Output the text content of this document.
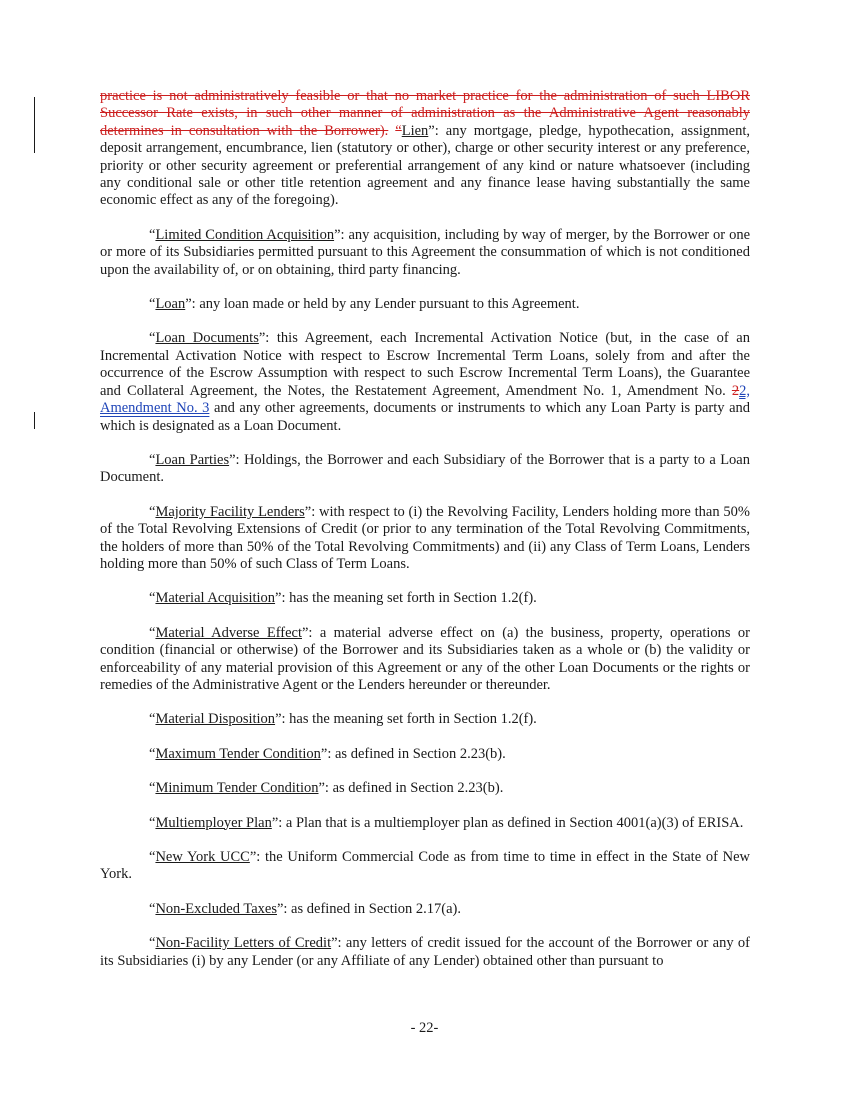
practice is not administratively feasible or that no market practice for the administration of such LIBOR Successor Rate exists, in such other manner of administration as the Administrative Agent reasonably determines in consultation with the Borrower). “Lien”: any mortgage, pledge, hypothecation, assignment, deposit arrangement, encumbrance, lien (statutory or other), charge or other security interest or any preference, priority or other security agreement or preferential arrangement of any kind or nature whatsoever (including any conditional sale or other title retention agreement and any finance lease having substantially the same economic effect as any of the foregoing).

“Limited Condition Acquisition”: any acquisition, including by way of merger, by the Borrower or one or more of its Subsidiaries permitted pursuant to this Agreement the consummation of which is not conditioned upon the availability of, or on obtaining, third party financing.

“Loan”: any loan made or held by any Lender pursuant to this Agreement.

“Loan Documents”: this Agreement, each Incremental Activation Notice (but, in the case of an Incremental Activation Notice with respect to Escrow Incremental Term Loans, solely from and after the occurrence of the Escrow Assumption with respect to such Escrow Incremental Term Loans), the Guarantee and Collateral Agreement, the Notes, the Restatement Agreement, Amendment No. 1, Amendment No. 22, Amendment No. 3 and any other agreements, documents or instruments to which any Loan Party is party and which is designated as a Loan Document.

“Loan Parties”: Holdings, the Borrower and each Subsidiary of the Borrower that is a party to a Loan Document.

“Majority Facility Lenders”: with respect to (i) the Revolving Facility, Lenders holding more than 50% of the Total Revolving Extensions of Credit (or prior to any termination of the Total Revolving Commitments, the holders of more than 50% of the Total Revolving Commitments) and (ii) any Class of Term Loans, Lenders holding more than 50% of such Class of Term Loans.

“Material Acquisition”: has the meaning set forth in Section 1.2(f).

“Material Adverse Effect”: a material adverse effect on (a) the business, property, operations or condition (financial or otherwise) of the Borrower and its Subsidiaries taken as a whole or (b) the validity or enforceability of any material provision of this Agreement or any of the other Loan Documents or the rights or remedies of the Administrative Agent or the Lenders hereunder or thereunder.

“Material Disposition”: has the meaning set forth in Section 1.2(f).

“Maximum Tender Condition”: as defined in Section 2.23(b).

“Minimum Tender Condition”: as defined in Section 2.23(b).

“Multiemployer Plan”: a Plan that is a multiemployer plan as defined in Section 4001(a)(3) of ERISA.

“New York UCC”: the Uniform Commercial Code as from time to time in effect in the State of New York.

“Non-Excluded Taxes”: as defined in Section 2.17(a).

“Non-Facility Letters of Credit”: any letters of credit issued for the account of the Borrower or any of its Subsidiaries (i) by any Lender (or any Affiliate of any Lender) obtained other than pursuant to

- 22-
